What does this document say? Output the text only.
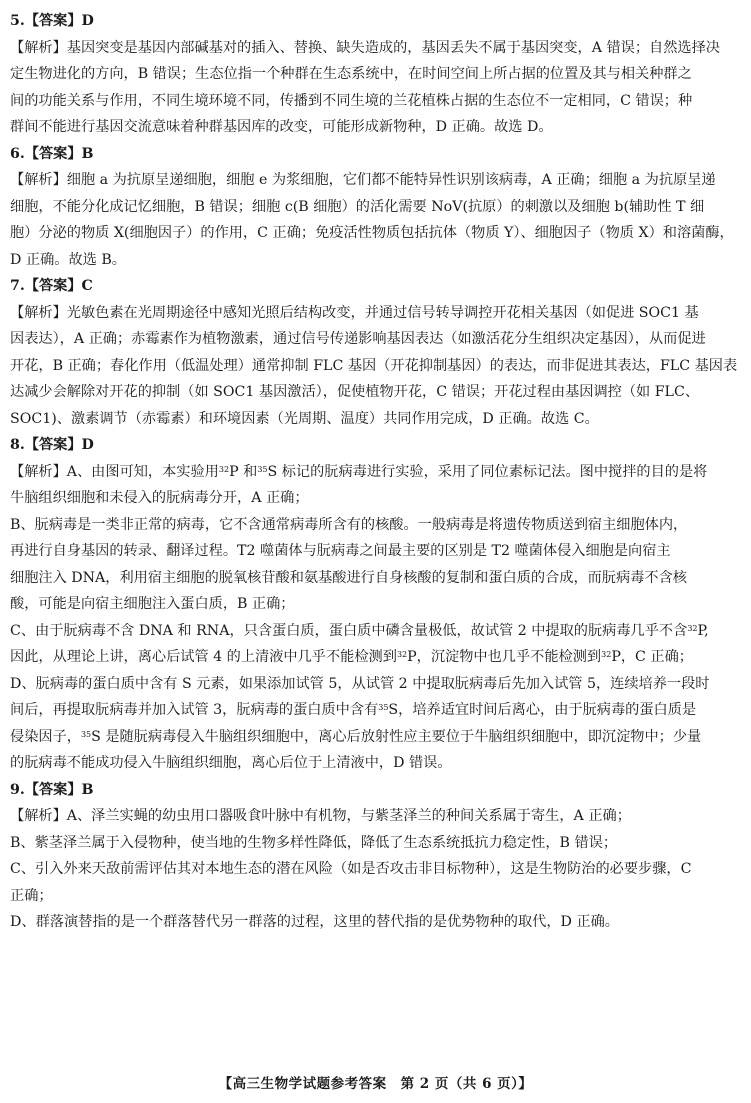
5.【答案】D
【解析】基因突变是基因内部碱基对的插入、替换、缺失造成的，基因丢失不属于基因突变，A 错误；自然选择决
定生物进化的方向，B 错误；生态位指一个种群在生态系统中，在时间空间上所占据的位置及其与相关种群之
间的功能关系与作用，不同生境环境不同，传播到不同生境的兰花植株占据的生态位不一定相同，C 错误；种
群间不能进行基因交流意味着种群基因库的改变，可能形成新物种，D 正确。故选 D。
6.【答案】B
【解析】细胞 a 为抗原呈递细胞，细胞 e 为浆细胞，它们都不能特异性识别该病毒，A 正确；细胞 a 为抗原呈递
细胞，不能分化成记忆细胞，B 错误；细胞 c(B 细胞）的活化需要 NoV(抗原）的刺激以及细胞 b(辅助性 T 细
胞）分泌的物质 X(细胞因子）的作用，C 正确；免疫活性物质包括抗体（物质 Y）、细胞因子（物质 X）和溶菌酶，
D 正确。故选 B。
7.【答案】C
【解析】光敏色素在光周期途径中感知光照后结构改变，并通过信号转导调控开花相关基因（如促进 SOC1 基
因表达），A 正确；赤霉素作为植物激素，通过信号传递影响基因表达（如激活花分生组织决定基因），从而促进
开花，B 正确；春化作用（低温处理）通常抑制 FLC 基因（开花抑制基因）的表达，而非促进其表达，FLC 基因表
达减少会解除对开花的抑制（如 SOC1 基因激活），促使植物开花，C 错误；开花过程由基因调控（如 FLC、
SOC1)、激素调节（赤霉素）和环境因素（光周期、温度）共同作用完成，D 正确。故选 C。
8.【答案】D
【解析】A、由图可知，本实验用$^{32}$P 和$^{35}$S 标记的朊病毒进行实验，采用了同位素标记法。图中搅拌的目的是将
牛脑组织细胞和未侵入的朊病毒分开，A 正确；
B、朊病毒是一类非正常的病毒，它不含通常病毒所含有的核酸。一般病毒是将遗传物质送到宿主细胞体内，
再进行自身基因的转录、翻译过程。T2 噬菌体与朊病毒之间最主要的区别是 T2 噬菌体侵入细胞是向宿主
细胞注入 DNA，利用宿主细胞的脱氧核苷酸和氨基酸进行自身核酸的复制和蛋白质的合成，而朊病毒不含核
酸，可能是向宿主细胞注入蛋白质，B 正确；
C、由于朊病毒不含 DNA 和 RNA，只含蛋白质，蛋白质中磷含量极低，故试管 2 中提取的朊病毒几乎不含$^{32}$P,
因此，从理论上讲，离心后试管 4 的上清液中几乎不能检测到$^{32}$P，沉淀物中也几乎不能检测到$^{32}$P，C 正确；
D、朊病毒的蛋白质中含有 S 元素，如果添加试管 5，从试管 2 中提取朊病毒后先加入试管 5，连续培养一段时
间后，再提取朊病毒并加入试管 3，朊病毒的蛋白质中含有$^{35}$S，培养适宜时间后离心，由于朊病毒的蛋白质是
侵染因子，$^{35}$S 是随朊病毒侵入牛脑组织细胞中，离心后放射性应主要位于牛脑组织细胞中，即沉淀物中；少量
的朊病毒不能成功侵入牛脑组织细胞，离心后位于上清液中，D 错误。
9.【答案】B
【解析】A、泽兰实蝇的幼虫用口器吸食叶脉中有机物，与紫茎泽兰的种间关系属于寄生，A 正确；
B、紫茎泽兰属于入侵物种，使当地的生物多样性降低，降低了生态系统抵抗力稳定性，B 错误；
C、引入外来天敌前需评估其对本地生态的潜在风险（如是否攻击非目标物种），这是生物防治的必要步骤，C
正确；
D、群落演替指的是一个群落替代另一群落的过程，这里的替代指的是优势物种的取代，D 正确。
【高三生物学试题参考答案　第 2 页（共 6 页）】
